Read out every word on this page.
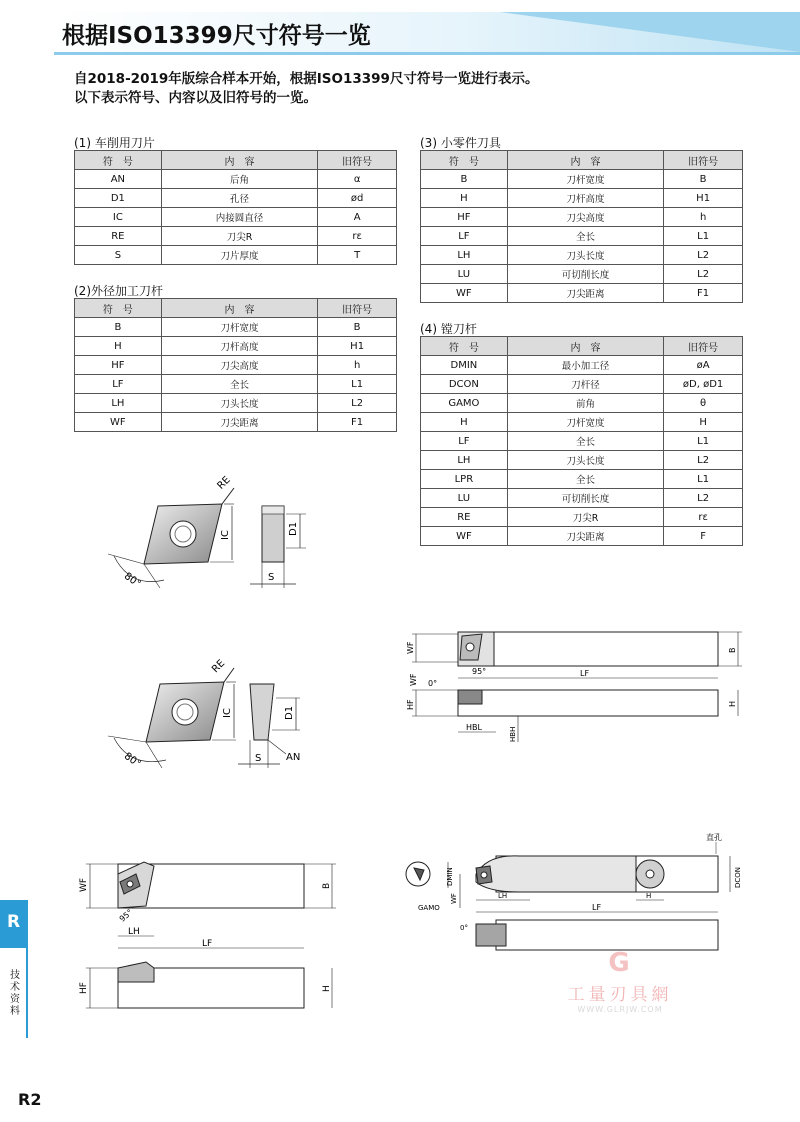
根据ISO13399尺寸符号一览
自2018-2019年版综合样本开始，根据ISO13399尺寸符号一览进行表示。
以下表示符号、内容以及旧符号的一览。
(1) 车削用刀片
符　号	内　容	旧符号
AN	后角	α
D1	孔径	ød
IC	内接圆直径	A
RE	刀尖R	rε
S	刀片厚度	T
(2)外径加工刀杆
符　号	内　容	旧符号
B	刀杆宽度	B
H	刀杆高度	H1
HF	刀尖高度	h
LF	全长	L1
LH	刀头长度	L2
WF	刀尖距离	F1
(3) 小零件刀具
符　号	内　容	旧符号
B	刀杆宽度	B
H	刀杆高度	H1
HF	刀尖高度	h
LF	全长	L1
LH	刀头长度	L2
LU	可切削长度	L2
WF	刀尖距离	F1
(4) 镗刀杆
符　号	内　容	旧符号
DMIN	最小加工径	øA
DCON	刀杆径	øD, øD1
GAMO	前角	θ
H	刀杆宽度	H
LF	全长	L1
LH	刀头长度	L2
LPR	全长	L1
LU	可切削长度	L2
RE	刀尖R	rε
WF	刀尖距离	F
RE
IC
80°
D1
S
RE
IC
80°
D1
S AN
WF	B
95°	LF
WF 0°
HF	H
HBL	HBH
WF	B
95°
LH
LF
HF	H
直孔
GAMO
DMIN	DCON
WF	LH	H
LF
0°
G
工量刃具網
WWW.GLRJW.COM
R
技术资料
R2
